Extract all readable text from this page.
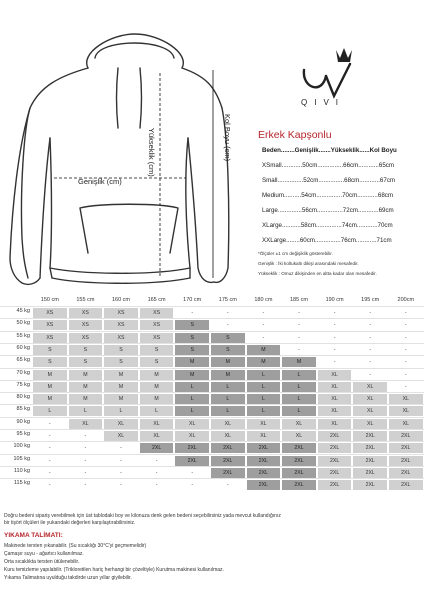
Genişlik (cm)
Yükseklik (cm)	Kol Boyu (cm)
QIVI
Erkek Kapşonlu
Beden........Genişlik.......Yükseklik......Kol Boyu
XSmall............50cm...............66cm............65cm
Small...............52cm...............68cm............67cm
Medium..........54cm...............70cm............68cm
Large..............56cm...............72cm............69cm
XLarge...........58cm...............74cm............70cm
XXLarge........60cm...............76cm............71cm
*Ölçüler ±1 cm değişiklik gösterebilir.
Genişlik : İki koltukaltı dikişi arasındaki mesafedir.
Yükseklik : Omuz dikişinden en altta kadar olan mesafedir.
150 cm	155 cm	160 cm	165 cm	170 cm	175 cm	180 cm	185 cm	190 cm	195 cm	200cm
45 kg	XS	XS	XS	XS	-	-	-	-	-	-	-
50 kg	XS	XS	XS	XS	S	-	-	-	-	-	-
55 kg	XS	XS	XS	XS	S	S	-	-	-	-	-
60 kg	S	S	S	S	S	S	M	-	-	-	-
65 kg	S	S	S	S	M	M	M	M	-	-	-
70 kg	M	M	M	M	M	M	L	L	XL	-	-
75 kg	M	M	M	M	L	L	L	L	XL	XL	-
80 kg	M	M	M	M	L	L	L	L	XL	XL	XL
85 kg	L	L	L	L	L	L	L	L	XL	XL	XL
90 kg	-	XL	XL	XL	XL	XL	XL	XL	XL	XL	XL
95 kg	-	-	XL	XL	XL	XL	XL	XL	2XL	2XL	2XL
100 kg	-	-	-	2XL	2XL	2XL	2XL	2XL	2XL	2XL	2XL
105 kg	-	-	-	-	2XL	2XL	2XL	2XL	2XL	2XL	2XL
110 kg	-	-	-	-	-	2XL	2XL	2XL	2XL	2XL	2XL
115 kg	-	-	-	-	-	-	2XL	2XL	2XL	2XL	2XL
Doğru bedeni sipariş verebilmek için üst tablodaki boy ve kilonuza denk gelen bedeni seçebilirsiniz yada mevcut kullandığınız
bir tişört ölçüleri ile yukarıdaki değerleri karşılaştırabilirsiniz.
YIKAMA TALİMATI:
Makinede tersten yıkanabilir. (Su sıcaklığı 30°C'yi geçmemelidir)
Çamaşır suyu - ağartıcı kullanılmaz.
Orta sıcaklıkta tersten ütülenebilir.
Kuru temizleme yapılabilir. (Trikloretilen hariç herhangi bir çözeltiyle) Kurutma makinesi kullanılmaz.
Yıkama Talimatına uyulduğu takdirde uzun yıllar giyilebilir.
